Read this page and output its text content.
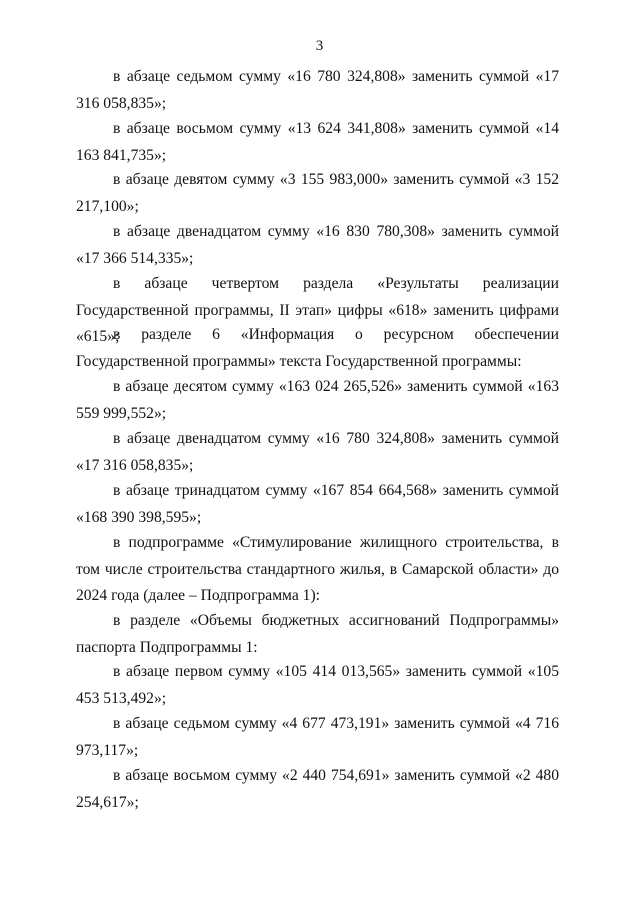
3

в абзаце седьмом сумму «16 780 324,808» заменить суммой «17 316 058,835»;

в абзаце восьмом сумму «13 624 341,808» заменить суммой «14 163 841,735»;

в абзаце девятом сумму «3 155 983,000» заменить суммой «3 152 217,100»;

в абзаце двенадцатом сумму «16 830 780,308» заменить суммой «17 366 514,335»;

в абзаце четвертом раздела «Результаты реализации Государственной программы, II этап» цифры «618» заменить цифрами «615»;

в разделе 6 «Информация о ресурсном обеспечении Государственной программы» текста Государственной программы:

в абзаце десятом сумму «163 024 265,526» заменить суммой «163 559 999,552»;

в абзаце двенадцатом сумму «16 780 324,808» заменить суммой «17 316 058,835»;

в абзаце тринадцатом сумму «167 854 664,568» заменить суммой «168 390 398,595»;

в подпрограмме «Стимулирование жилищного строительства, в том числе строительства стандартного жилья, в Самарской области» до 2024 года (далее – Подпрограмма 1):

в разделе «Объемы бюджетных ассигнований Подпрограммы» паспорта Подпрограммы 1:

в абзаце первом сумму «105 414 013,565» заменить суммой «105 453 513,492»;

в абзаце седьмом сумму «4 677 473,191» заменить суммой «4 716 973,117»;

в абзаце восьмом сумму «2 440 754,691» заменить суммой «2 480 254,617»;
